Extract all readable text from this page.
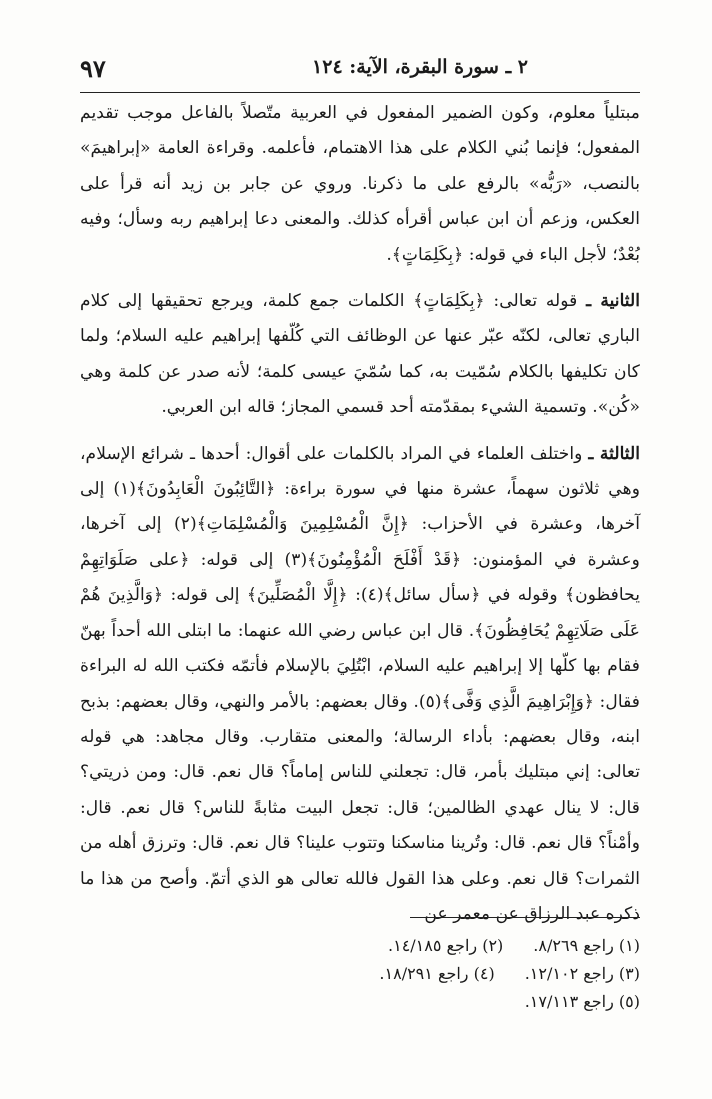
٢ ـ سورة البقرة، الآية: ١٢٤
٩٧

مبتلياً معلوم، وكون الضمير المفعول في العربية متّصلاً بالفاعل موجب تقديم المفعول؛ فإنما بُني الكلام على هذا الاهتمام، فأعلمه. وقراءة العامة «إبراهيمَ» بالنصب، «رَبُّه» بالرفع على ما ذكرنا. وروي عن جابر بن زيد أنه قرأ على العكس، وزعم أن ابن عباس أقرأه كذلك. والمعنى دعا إبراهيم ربه وسأل؛ وفيه بُعْدٌ؛ لأجل الباء في قوله: ﴿بِكَلِمَاتٍ﴾.

الثانية ـ قوله تعالى: ﴿بِكَلِمَاتٍ﴾ الكلمات جمع كلمة، ويرجع تحقيقها إلى كلام الباري تعالى، لكنّه عبّر عنها عن الوظائف التي كُلّفها إبراهيم عليه السلام؛ ولما كان تكليفها بالكلام سُمّيت به، كما سُمّيَ عيسى كلمة؛ لأنه صدر عن كلمة وهي «كُن». وتسمية الشيء بمقدّمته أحد قسمي المجاز؛ قاله ابن العربي.

الثالثة ـ واختلف العلماء في المراد بالكلمات على أقوال: أحدها ـ شرائع الإسلام، وهي ثلاثون سهماً، عشرة منها في سورة براءة: ﴿التَّائِبُونَ الْعَابِدُونَ﴾(١) إلى آخرها، وعشرة في الأحزاب: ﴿إِنَّ الْمُسْلِمِينَ وَالْمُسْلِمَاتِ﴾(٢) إلى آخرها، وعشرة في المؤمنون: ﴿قَدْ أَفْلَحَ الْمُؤْمِنُونَ﴾(٣) إلى قوله: ﴿على صَلَوَاتِهِمْ يحافظون﴾ وقوله في ﴿سأل سائل﴾(٤): ﴿إِلَّا الْمُصَلِّينَ﴾ إلى قوله: ﴿وَالَّذِينَ هُمْ عَلَى صَلَاتِهِمْ يُحَافِظُونَ﴾. قال ابن عباس رضي الله عنهما: ما ابتلى الله أحداً بهنّ فقام بها كلّها إلا إبراهيم عليه السلام، ابْتُلِيَ بالإسلام فأتمّه فكتب الله له البراءة فقال: ﴿وَإِبْرَاهِيمَ الَّذِي وَفَّى﴾(٥). وقال بعضهم: بالأمر والنهي، وقال بعضهم: بذبح ابنه، وقال بعضهم: بأداء الرسالة؛ والمعنى متقارب. وقال مجاهد: هي قوله تعالى: إني مبتليك بأمر، قال: تجعلني للناس إماماً؟ قال نعم. قال: ومن ذريتي؟ قال: لا ينال عهدي الظالمين؛ قال: تجعل البيت مثابةً للناس؟ قال نعم. قال: وأمْناً؟ قال نعم. قال: وتُرينا مناسكنا وتتوب علينا؟ قال نعم. قال: وترزق أهله من الثمرات؟ قال نعم. وعلى هذا القول فالله تعالى هو الذي أتمّ. وأصح من هذا ما ذكره عبد الرزاق عن معمر عن

(١) راجع ٨/٢٦٩.
(٢) راجع ١٤/١٨٥.
(٣) راجع ١٢/١٠٢.
(٤) راجع ١٨/٢٩١.
(٥) راجع ١٧/١١٣.
